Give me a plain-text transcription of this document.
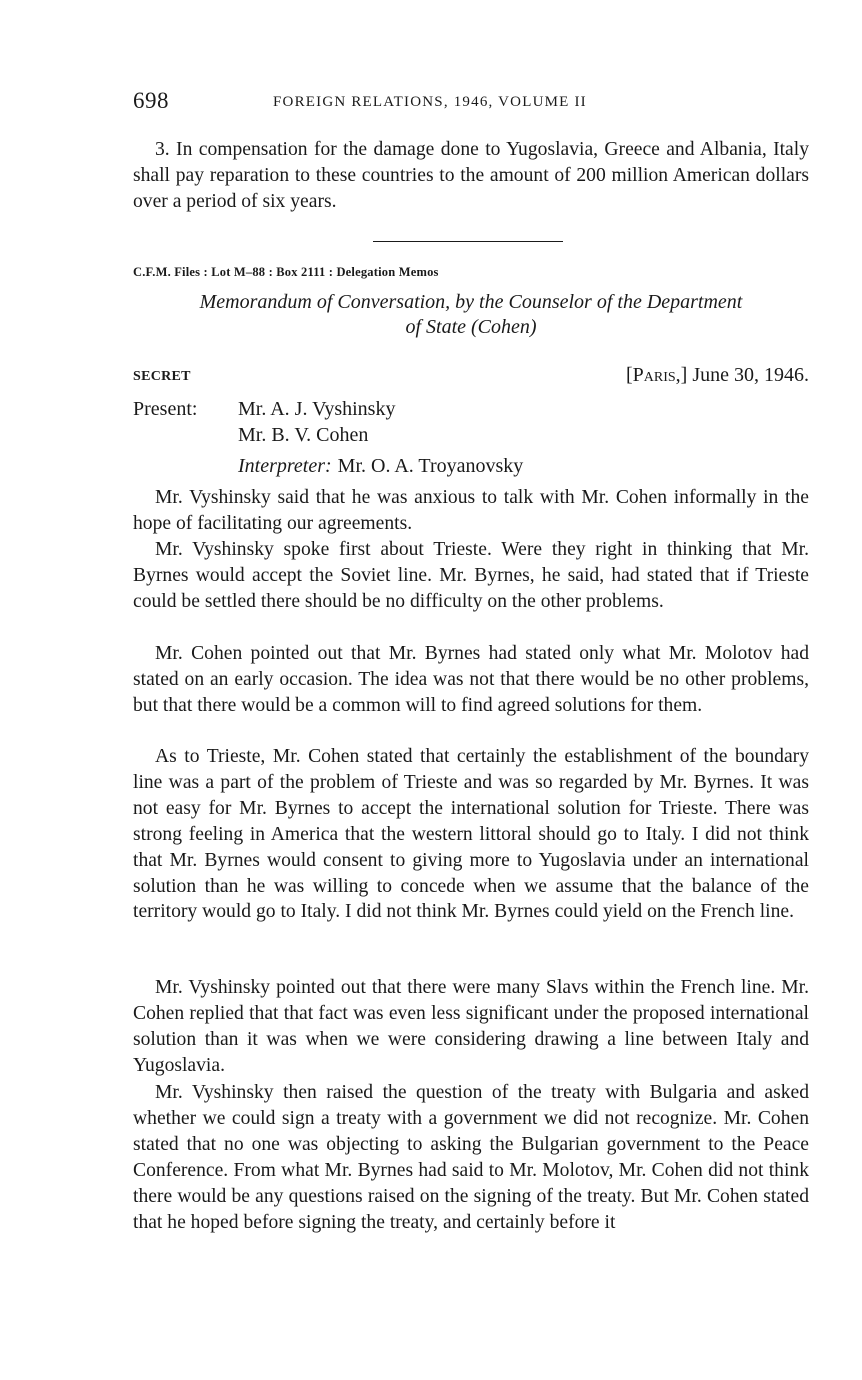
698	FOREIGN RELATIONS, 1946, VOLUME II

3. In compensation for the damage done to Yugoslavia, Greece and Albania, Italy shall pay reparation to these countries to the amount of 200 million American dollars over a period of six years.

C.F.M. Files : Lot M–88 : Box 2111 : Delegation Memos
Memorandum of Conversation, by the Counselor of the Department
of State (Cohen)
SECRET	[Paris,] June 30, 1946.
Present: Mr. A. J. Vyshinsky
Mr. B. V. Cohen
Interpreter: Mr. O. A. Troyanovsky

Mr. Vyshinsky said that he was anxious to talk with Mr. Cohen informally in the hope of facilitating our agreements.

Mr. Vyshinsky spoke first about Trieste. Were they right in thinking that Mr. Byrnes would accept the Soviet line. Mr. Byrnes, he said, had stated that if Trieste could be settled there should be no difficulty on the other problems.

Mr. Cohen pointed out that Mr. Byrnes had stated only what Mr. Molotov had stated on an early occasion. The idea was not that there would be no other problems, but that there would be a common will to find agreed solutions for them.

As to Trieste, Mr. Cohen stated that certainly the establishment of the boundary line was a part of the problem of Trieste and was so regarded by Mr. Byrnes. It was not easy for Mr. Byrnes to accept the international solution for Trieste. There was strong feeling in America that the western littoral should go to Italy. I did not think that Mr. Byrnes would consent to giving more to Yugoslavia under an international solution than he was willing to concede when we assume that the balance of the territory would go to Italy. I did not think Mr. Byrnes could yield on the French line.

Mr. Vyshinsky pointed out that there were many Slavs within the French line. Mr. Cohen replied that that fact was even less significant under the proposed international solution than it was when we were considering drawing a line between Italy and Yugoslavia.

Mr. Vyshinsky then raised the question of the treaty with Bulgaria and asked whether we could sign a treaty with a government we did not recognize. Mr. Cohen stated that no one was objecting to asking the Bulgarian government to the Peace Conference. From what Mr. Byrnes had said to Mr. Molotov, Mr. Cohen did not think there would be any questions raised on the signing of the treaty. But Mr. Cohen stated that he hoped before signing the treaty, and certainly before it
